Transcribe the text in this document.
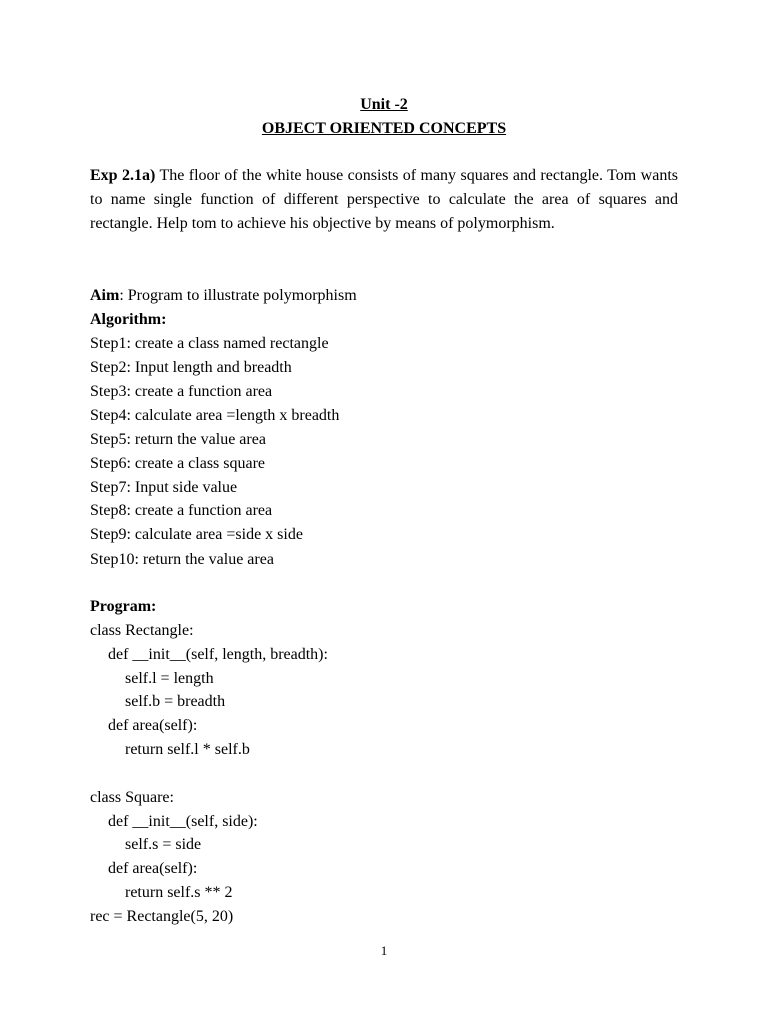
Unit -2
OBJECT ORIENTED CONCEPTS
Exp 2.1a) The floor of the white house consists of many squares and rectangle. Tom wants to name single function of different perspective to calculate the area of squares and rectangle. Help tom to achieve his objective by means of polymorphism.
Aim: Program to illustrate polymorphism
Algorithm:
Step1: create a class named rectangle
Step2: Input length and breadth
Step3: create a function area
Step4: calculate area =length x breadth
Step5: return the value area
Step6: create a class square
Step7: Input side value
Step8: create a function area
Step9: calculate area =side x side
Step10: return the value area
Program:
class Rectangle:
def __init__(self, length, breadth):
self.l = length
self.b = breadth
def area(self):
return self.l * self.b
class Square:
def __init__(self, side):
self.s = side
def area(self):
return self.s ** 2
rec = Rectangle(5, 20)
1
